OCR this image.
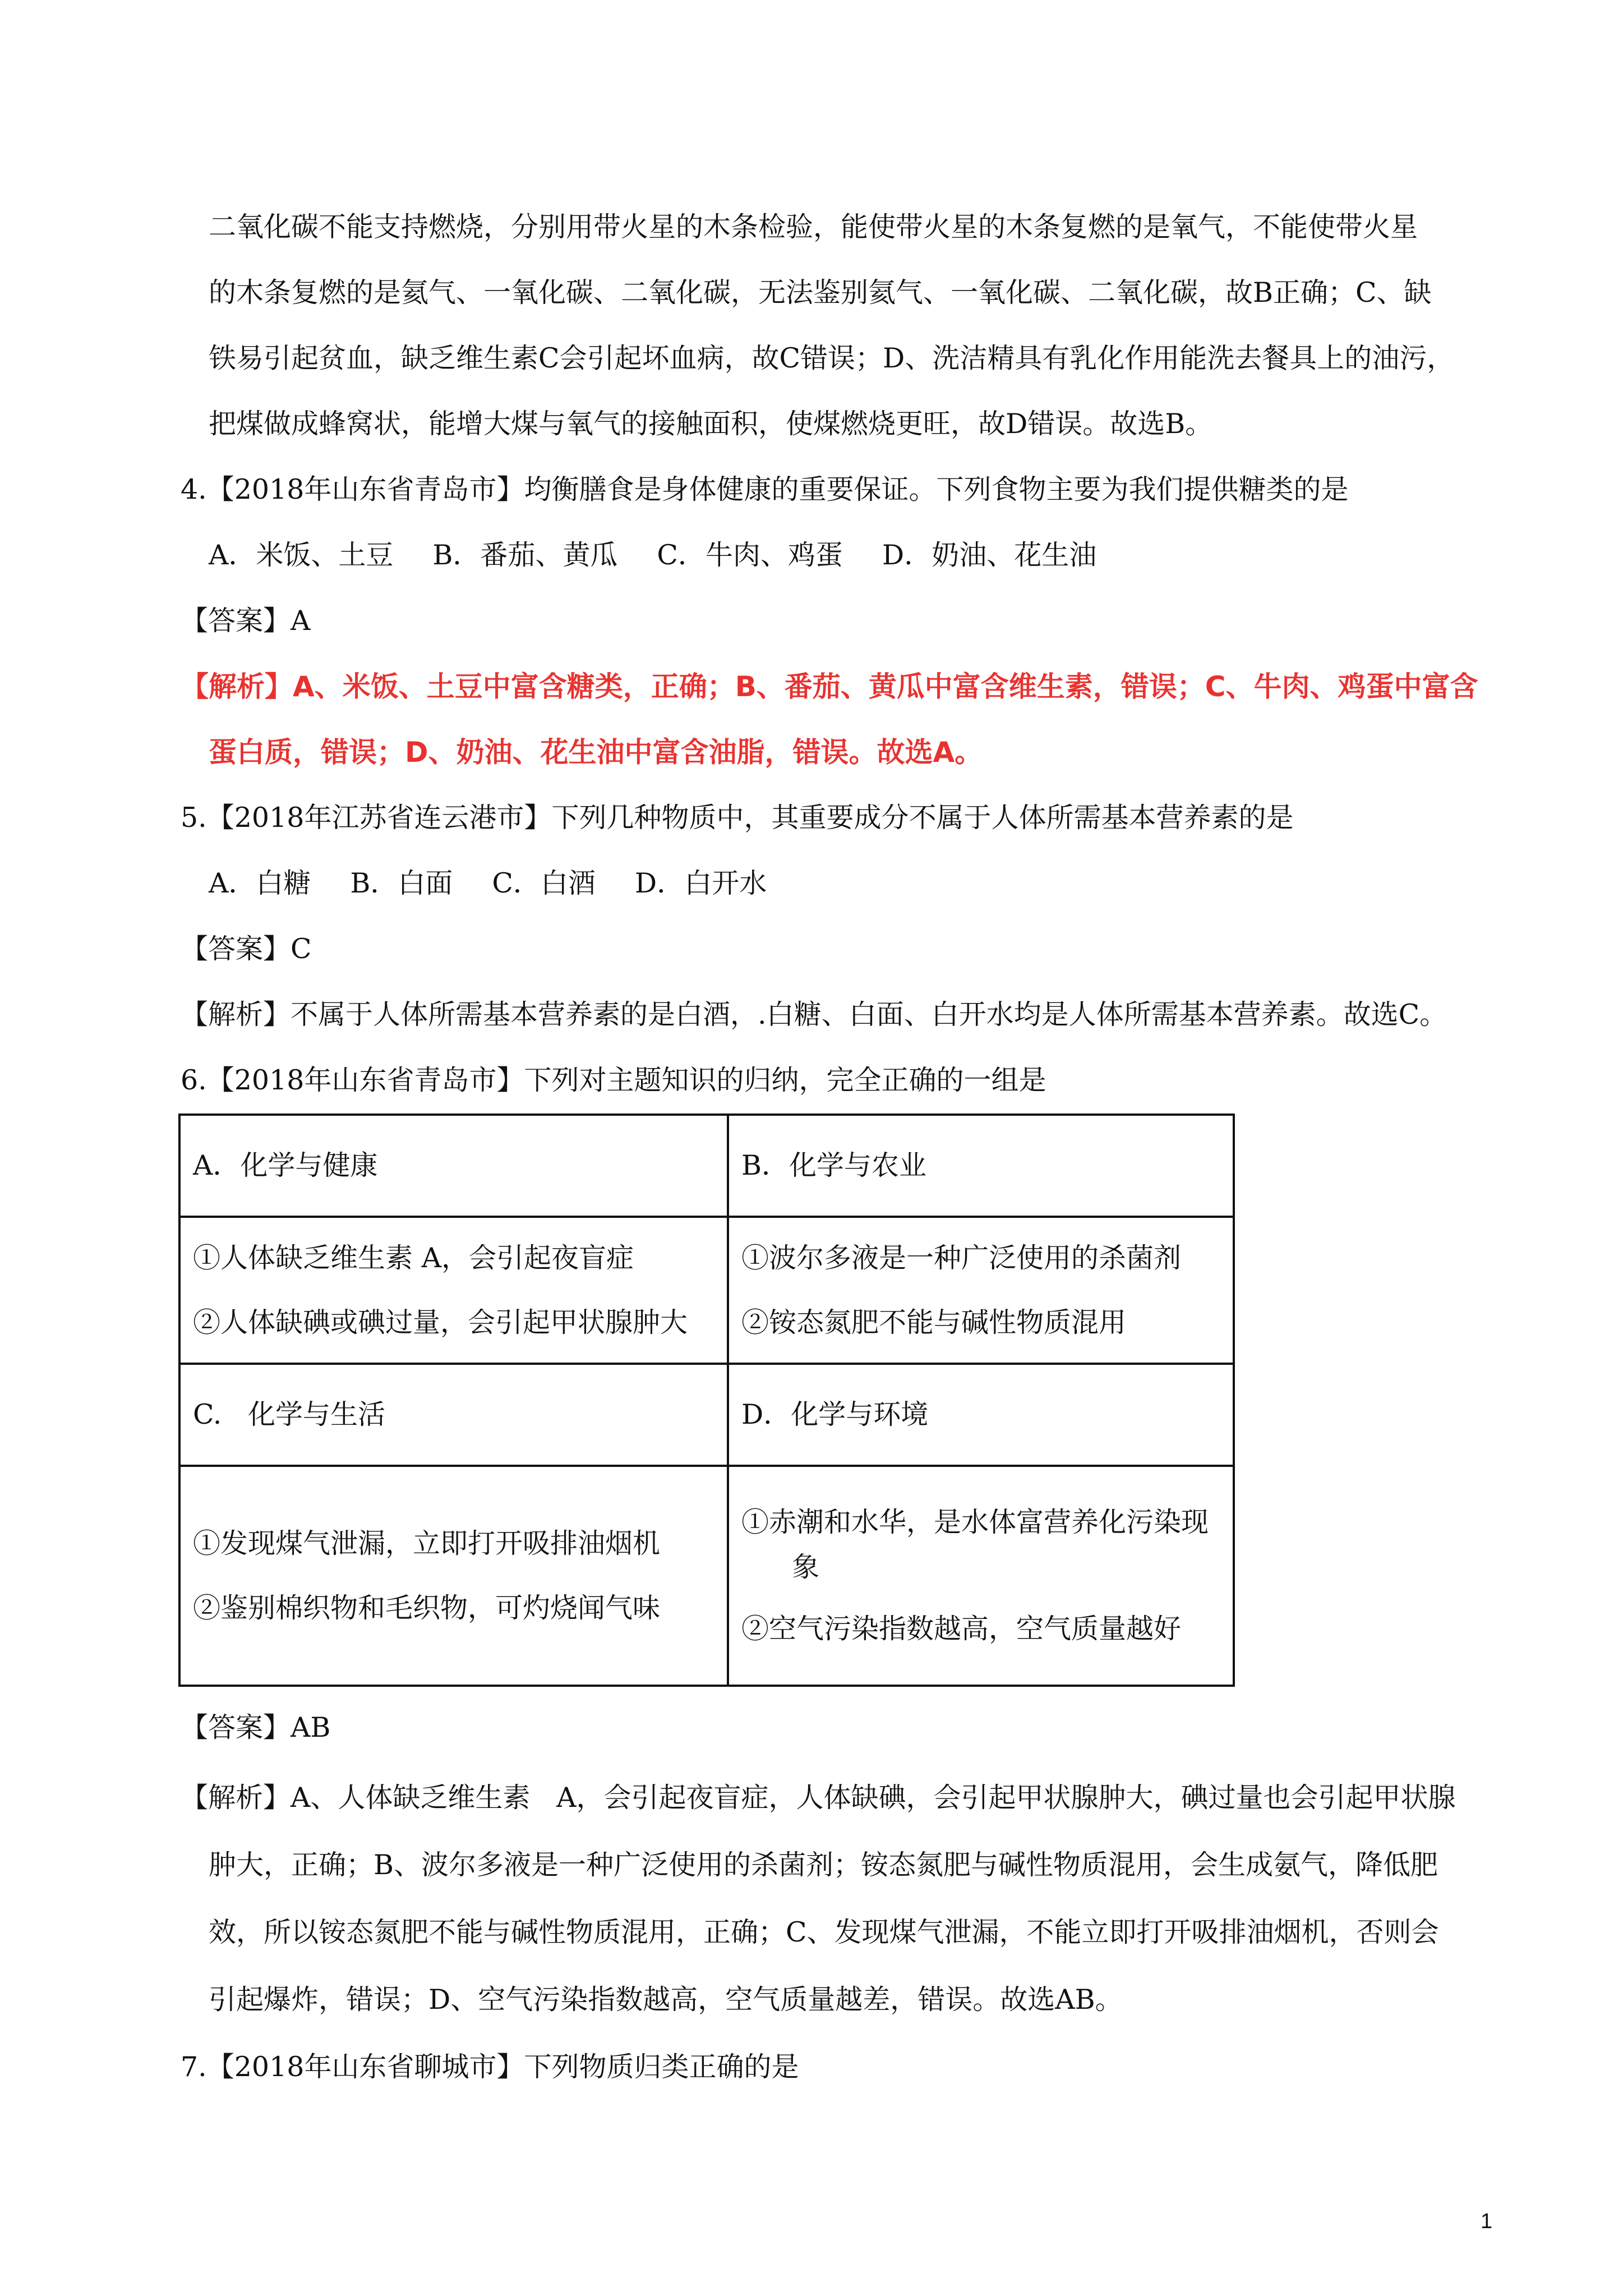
二氧化碳不能支持燃烧，分别用带火星的木条检验，能使带火星的木条复燃的是氧气，不能使带火星
的木条复燃的是氦气、一氧化碳、二氧化碳，无法鉴别氦气、一氧化碳、二氧化碳，故B正确；C、缺
铁易引起贫血，缺乏维生素C会引起坏血病，故C错误；D、洗洁精具有乳化作用能洗去餐具上的油污，
把煤做成蜂窝状，能增大煤与氧气的接触面积，使煤燃烧更旺，故D错误。故选B。
4.【2018年山东省青岛市】均衡膳食是身体健康的重要保证。下列食物主要为我们提供糖类的是
A．米饭、土豆 B．番茄、黄瓜 C．牛肉、鸡蛋 D．奶油、花生油
【答案】A
【解析】A、米饭、土豆中富含糖类，正确；B、番茄、黄瓜中富含维生素，错误；C、牛肉、鸡蛋中富含
蛋白质，错误；D、奶油、花生油中富含油脂，错误。故选A。
5.【2018年江苏省连云港市】下列几种物质中，其重要成分不属于人体所需基本营养素的是
A．白糖 B．白面 C．白酒 D．白开水
【答案】C
【解析】不属于人体所需基本营养素的是白酒，.白糖、白面、白开水均是人体所需基本营养素。故选C。
6.【2018年山东省青岛市】下列对主题知识的归纳，完全正确的一组是
A．化学与健康	B．化学与农业

①人体缺乏维生素 A，会引起夜盲症
②人体缺碘或碘过量，会引起甲状腺肿大	①波尔多液是一种广泛使用的杀菌剂
②铵态氮肥不能与碱性物质混用

C.   化学与生活	D．化学与环境

①发现煤气泄漏，立即打开吸排油烟机
②鉴别棉织物和毛织物，可灼烧闻气味	①赤潮和水华，是水体富营养化污染现
象
②空气污染指数越高，空气质量越好
【答案】AB
【解析】A、人体缺乏维生素   A，会引起夜盲症，人体缺碘，会引起甲状腺肿大，碘过量也会引起甲状腺
肿大，正确；B、波尔多液是一种广泛使用的杀菌剂；铵态氮肥与碱性物质混用，会生成氨气，降低肥
效，所以铵态氮肥不能与碱性物质混用，正确；C、发现煤气泄漏，不能立即打开吸排油烟机，否则会
引起爆炸，错误；D、空气污染指数越高，空气质量越差，错误。故选AB。
7.【2018年山东省聊城市】下列物质归类正确的是
1
